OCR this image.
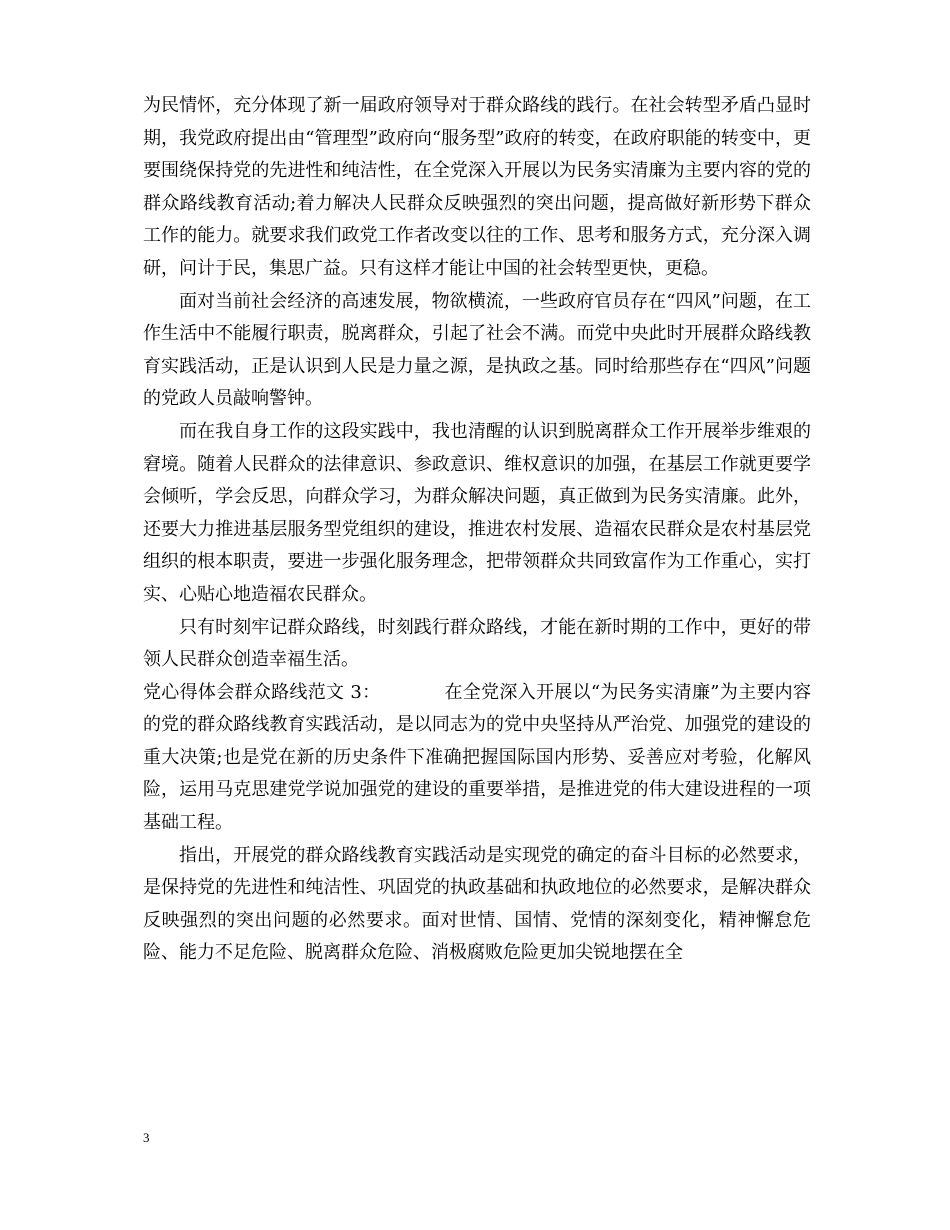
为民情怀，充分体现了新一届政府领导对于群众路线的践行。在社会转型矛盾凸显时期，我党政府提出由“管理型”政府向“服务型”政府的转变，在政府职能的转变中，更要围绕保持党的先进性和纯洁性，在全党深入开展以为民务实清廉为主要内容的党的群众路线教育活动;着力解决人民群众反映强烈的突出问题，提高做好新形势下群众工作的能力。就要求我们政党工作者改变以往的工作、思考和服务方式，充分深入调研，问计于民，集思广益。只有这样才能让中国的社会转型更快，更稳。

面对当前社会经济的高速发展，物欲横流，一些政府官员存在“四风”问题，在工作生活中不能履行职责，脱离群众，引起了社会不满。而党中央此时开展群众路线教育实践活动，正是认识到人民是力量之源，是执政之基。同时给那些存在“四风”问题的党政人员敲响警钟。

而在我自身工作的这段实践中，我也清醒的认识到脱离群众工作开展举步维艰的窘境。随着人民群众的法律意识、参政意识、维权意识的加强，在基层工作就更要学会倾听，学会反思，向群众学习，为群众解决问题，真正做到为民务实清廉。此外，还要大力推进基层服务型党组织的建设，推进农村发展、造福农民群众是农村基层党组织的根本职责，要进一步强化服务理念，把带领群众共同致富作为工作重心，实打实、心贴心地造福农民群众。

只有时刻牢记群众路线，时刻践行群众路线，才能在新时期的工作中，更好的带领人民群众创造幸福生活。

党心得体会群众路线范文 3：	在全党深入开展以“为民务实清廉”为主要内容的党的群众路线教育实践活动，是以同志为的党中央坚持从严治党、加强党的建设的重大决策;也是党在新的历史条件下准确把握国际国内形势、妥善应对考验，化解风险，运用马克思建党学说加强党的建设的重要举措，是推进党的伟大建设进程的一项基础工程。

指出，开展党的群众路线教育实践活动是实现党的确定的奋斗目标的必然要求，是保持党的先进性和纯洁性、巩固党的执政基础和执政地位的必然要求，是解决群众反映强烈的突出问题的必然要求。面对世情、国情、党情的深刻变化，精神懈怠危险、能力不足危险、脱离群众危险、消极腐败危险更加尖锐地摆在全

3
